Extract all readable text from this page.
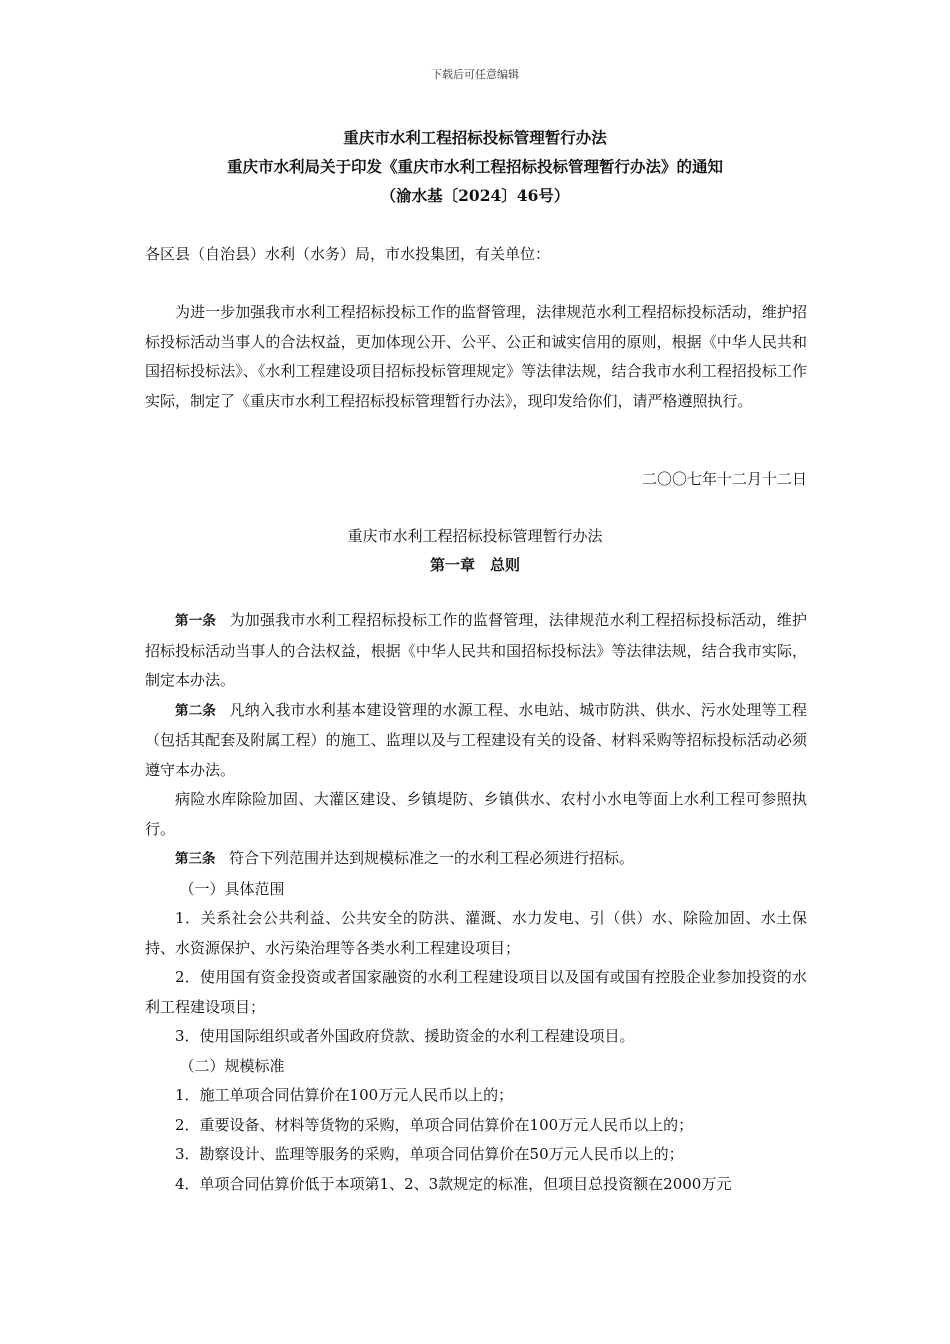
下载后可任意编辑
重庆市水利工程招标投标管理暂行办法
重庆市水利局关于印发《重庆市水利工程招标投标管理暂行办法》的通知
（渝水基〔2024〕46号）
各区县（自治县）水利（水务）局，市水投集团，有关单位：
为进一步加强我市水利工程招标投标工作的监督管理，法律规范水利工程招标投标活动，维护招标投标活动当事人的合法权益，更加体现公开、公平、公正和诚实信用的原则，根据《中华人民共和国招标投标法》、《水利工程建设项目招标投标管理规定》等法律法规，结合我市水利工程招投标工作实际，制定了《重庆市水利工程招标投标管理暂行办法》，现印发给你们，请严格遵照执行。
二〇〇七年十二月十二日
重庆市水利工程招标投标管理暂行办法
第一章　总则

第一条 为加强我市水利工程招标投标工作的监督管理，法律规范水利工程招标投标活动，维护招标投标活动当事人的合法权益，根据《中华人民共和国招标投标法》等法律法规，结合我市实际，制定本办法。

第二条 凡纳入我市水利基本建设管理的水源工程、水电站、城市防洪、供水、污水处理等工程（包括其配套及附属工程）的施工、监理以及与工程建设有关的设备、材料采购等招标投标活动必须遵守本办法。

病险水库除险加固、大灌区建设、乡镇堤防、乡镇供水、农村小水电等面上水利工程可参照执行。

第三条 符合下列范围并达到规模标准之一的水利工程必须进行招标。

（一）具体范围

1．关系社会公共利益、公共安全的防洪、灌溉、水力发电、引（供）水、除险加固、水土保持、水资源保护、水污染治理等各类水利工程建设项目；

2．使用国有资金投资或者国家融资的水利工程建设项目以及国有或国有控股企业参加投资的水利工程建设项目；

3．使用国际组织或者外国政府贷款、援助资金的水利工程建设项目。

（二）规模标准

1．施工单项合同估算价在100万元人民币以上的；

2．重要设备、材料等货物的采购，单项合同估算价在100万元人民币以上的；

3．勘察设计、监理等服务的采购，单项合同估算价在50万元人民币以上的；

4．单项合同估算价低于本项第1、2、3款规定的标准，但项目总投资额在2000万元
